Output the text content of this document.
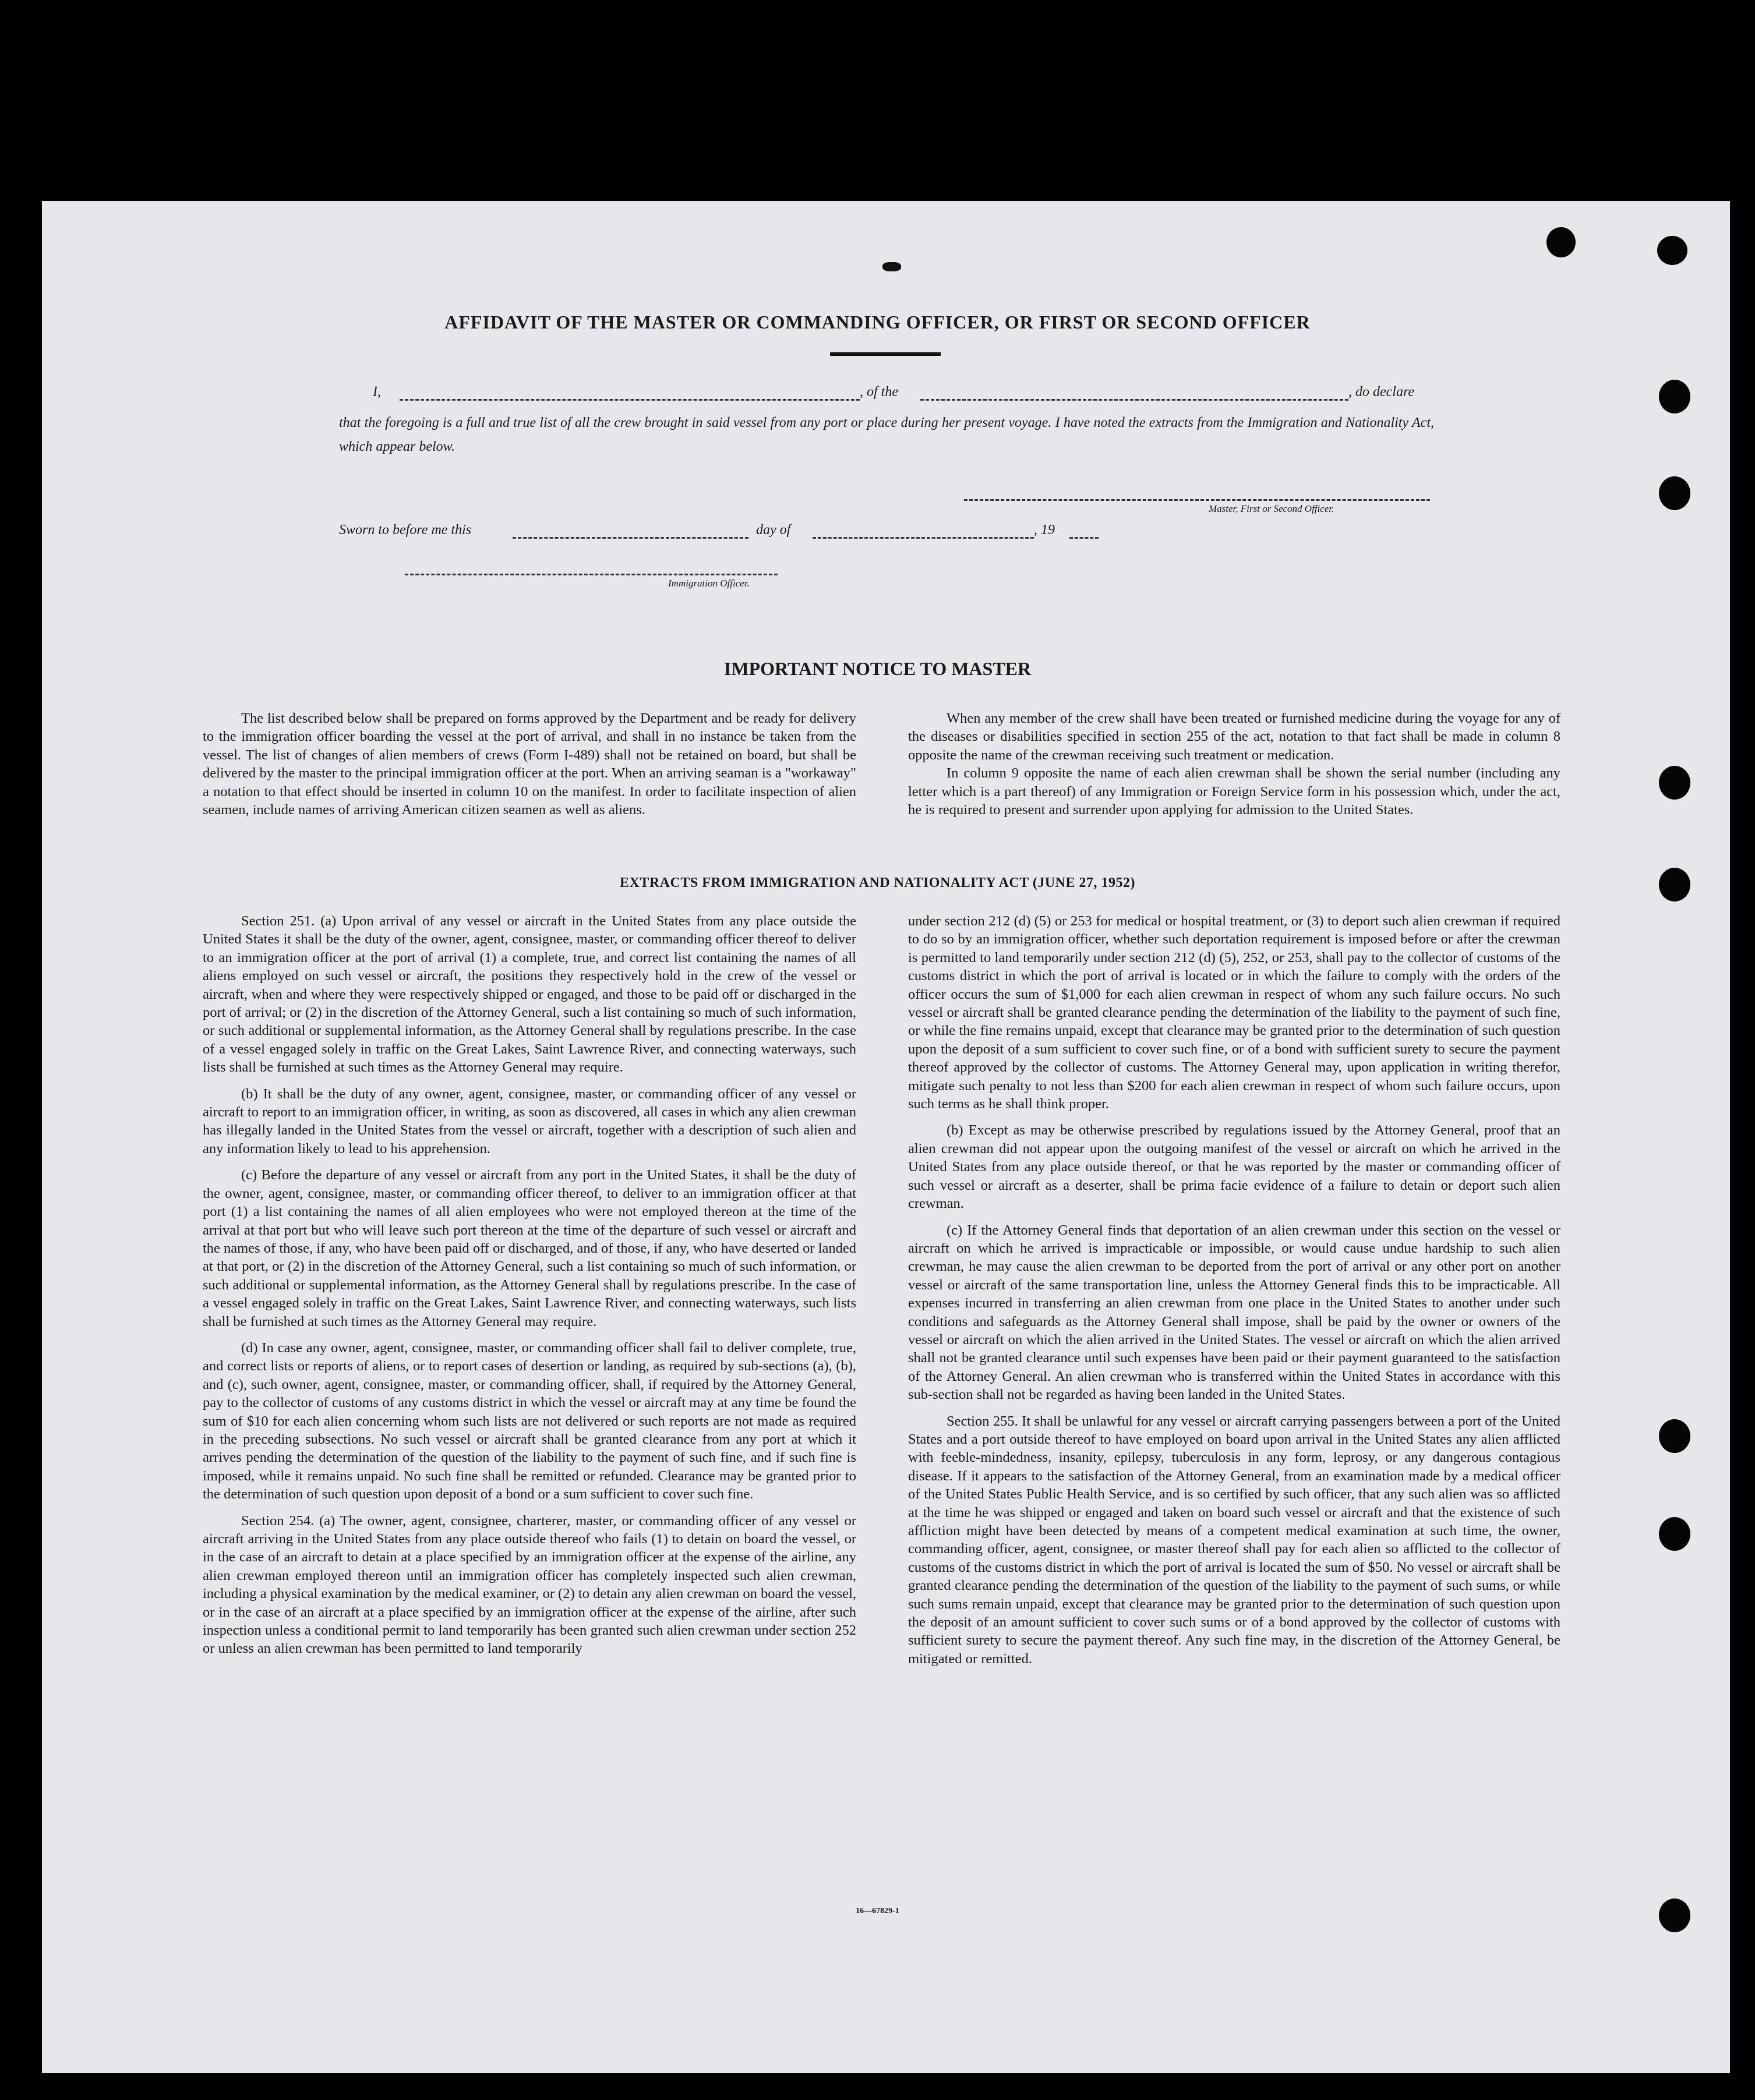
AFFIDAVIT OF THE MASTER OR COMMANDING OFFICER, OR FIRST OR SECOND OFFICER
I,	, of the	, do declare
that the foregoing is a full and true list of all the crew brought in said vessel from any port or place during her present voyage. I have noted the extracts from the Immigration and Nationality Act, which appear below.
Master, First or Second Officer.
Sworn to before me this	day of	, 19
Immigration Officer.
IMPORTANT NOTICE TO MASTER

The list described below shall be prepared on forms approved by the Department and be ready for delivery to the immigration officer boarding the vessel at the port of arrival, and shall in no instance be taken from the vessel. The list of changes of alien members of crews (Form I-489) shall not be retained on board, but shall be delivered by the master to the principal immigration officer at the port. When an arriving seaman is a "workaway" a notation to that effect should be inserted in column 10 on the manifest. In order to facilitate inspection of alien seamen, include names of arriving American citizen seamen as well as aliens.

When any member of the crew shall have been treated or furnished medicine during the voyage for any of the diseases or disabilities specified in section 255 of the act, notation to that fact shall be made in column 8 opposite the name of the crewman receiving such treatment or medication.

In column 9 opposite the name of each alien crewman shall be shown the serial number (including any letter which is a part thereof) of any Immigration or Foreign Service form in his possession which, under the act, he is required to present and surrender upon applying for admission to the United States.

EXTRACTS FROM IMMIGRATION AND NATIONALITY ACT (JUNE 27, 1952)

Section 251. (a) Upon arrival of any vessel or aircraft in the United States from any place outside the United States it shall be the duty of the owner, agent, consignee, master, or commanding officer thereof to deliver to an immigration officer at the port of arrival (1) a complete, true, and correct list containing the names of all aliens employed on such vessel or aircraft, the positions they respectively hold in the crew of the vessel or aircraft, when and where they were respectively shipped or engaged, and those to be paid off or discharged in the port of arrival; or (2) in the discretion of the Attorney General, such a list containing so much of such information, or such additional or supplemental information, as the Attorney General shall by regulations prescribe. In the case of a vessel engaged solely in traffic on the Great Lakes, Saint Lawrence River, and connecting waterways, such lists shall be furnished at such times as the Attorney General may require.

(b) It shall be the duty of any owner, agent, consignee, master, or commanding officer of any vessel or aircraft to report to an immigration officer, in writing, as soon as discovered, all cases in which any alien crewman has illegally landed in the United States from the vessel or aircraft, together with a description of such alien and any information likely to lead to his apprehension.

(c) Before the departure of any vessel or aircraft from any port in the United States, it shall be the duty of the owner, agent, consignee, master, or commanding officer thereof, to deliver to an immigration officer at that port (1) a list containing the names of all alien employees who were not employed thereon at the time of the arrival at that port but who will leave such port thereon at the time of the departure of such vessel or aircraft and the names of those, if any, who have been paid off or discharged, and of those, if any, who have deserted or landed at that port, or (2) in the discretion of the Attorney General, such a list containing so much of such information, or such additional or supplemental information, as the Attorney General shall by regulations prescribe. In the case of a vessel engaged solely in traffic on the Great Lakes, Saint Lawrence River, and connecting waterways, such lists shall be furnished at such times as the Attorney General may require.

(d) In case any owner, agent, consignee, master, or commanding officer shall fail to deliver complete, true, and correct lists or reports of aliens, or to report cases of desertion or landing, as required by sub-sections (a), (b), and (c), such owner, agent, consignee, master, or commanding officer, shall, if required by the Attorney General, pay to the collector of customs of any customs district in which the vessel or aircraft may at any time be found the sum of $10 for each alien concerning whom such lists are not delivered or such reports are not made as required in the preceding subsections. No such vessel or aircraft shall be granted clearance from any port at which it arrives pending the determination of the question of the liability to the payment of such fine, and if such fine is imposed, while it remains unpaid. No such fine shall be remitted or refunded. Clearance may be granted prior to the determination of such question upon deposit of a bond or a sum sufficient to cover such fine.

Section 254. (a) The owner, agent, consignee, charterer, master, or commanding officer of any vessel or aircraft arriving in the United States from any place outside thereof who fails (1) to detain on board the vessel, or in the case of an aircraft to detain at a place specified by an immigration officer at the expense of the airline, any alien crewman employed thereon until an immigration officer has completely inspected such alien crewman, including a physical examination by the medical examiner, or (2) to detain any alien crewman on board the vessel, or in the case of an aircraft at a place specified by an immigration officer at the expense of the airline, after such inspection unless a conditional permit to land temporarily has been granted such alien crewman under section 252 or unless an alien crewman has been permitted to land temporarily

under section 212 (d) (5) or 253 for medical or hospital treatment, or (3) to deport such alien crewman if required to do so by an immigration officer, whether such deportation requirement is imposed before or after the crewman is permitted to land temporarily under section 212 (d) (5), 252, or 253, shall pay to the collector of customs of the customs district in which the port of arrival is located or in which the failure to comply with the orders of the officer occurs the sum of $1,000 for each alien crewman in respect of whom any such failure occurs. No such vessel or aircraft shall be granted clearance pending the determination of the liability to the payment of such fine, or while the fine remains unpaid, except that clearance may be granted prior to the determination of such question upon the deposit of a sum sufficient to cover such fine, or of a bond with sufficient surety to secure the payment thereof approved by the collector of customs. The Attorney General may, upon application in writing therefor, mitigate such penalty to not less than $200 for each alien crewman in respect of whom such failure occurs, upon such terms as he shall think proper.

(b) Except as may be otherwise prescribed by regulations issued by the Attorney General, proof that an alien crewman did not appear upon the outgoing manifest of the vessel or aircraft on which he arrived in the United States from any place outside thereof, or that he was reported by the master or commanding officer of such vessel or aircraft as a deserter, shall be prima facie evidence of a failure to detain or deport such alien crewman.

(c) If the Attorney General finds that deportation of an alien crewman under this section on the vessel or aircraft on which he arrived is impracticable or impossible, or would cause undue hardship to such alien crewman, he may cause the alien crewman to be deported from the port of arrival or any other port on another vessel or aircraft of the same transportation line, unless the Attorney General finds this to be impracticable. All expenses incurred in transferring an alien crewman from one place in the United States to another under such conditions and safeguards as the Attorney General shall impose, shall be paid by the owner or owners of the vessel or aircraft on which the alien arrived in the United States. The vessel or aircraft on which the alien arrived shall not be granted clearance until such expenses have been paid or their payment guaranteed to the satisfaction of the Attorney General. An alien crewman who is transferred within the United States in accordance with this sub-section shall not be regarded as having been landed in the United States.

Section 255. It shall be unlawful for any vessel or aircraft carrying passengers between a port of the United States and a port outside thereof to have employed on board upon arrival in the United States any alien afflicted with feeble-mindedness, insanity, epilepsy, tuberculosis in any form, leprosy, or any dangerous contagious disease. If it appears to the satisfaction of the Attorney General, from an examination made by a medical officer of the United States Public Health Service, and is so certified by such officer, that any such alien was so afflicted at the time he was shipped or engaged and taken on board such vessel or aircraft and that the existence of such affliction might have been detected by means of a competent medical examination at such time, the owner, commanding officer, agent, consignee, or master thereof shall pay for each alien so afflicted to the collector of customs of the customs district in which the port of arrival is located the sum of $50. No vessel or aircraft shall be granted clearance pending the determination of the question of the liability to the payment of such sums, or while such sums remain unpaid, except that clearance may be granted prior to the determination of such question upon the deposit of an amount sufficient to cover such sums or of a bond approved by the collector of customs with sufficient surety to secure the payment thereof. Any such fine may, in the discretion of the Attorney General, be mitigated or remitted.

16—67829-1
